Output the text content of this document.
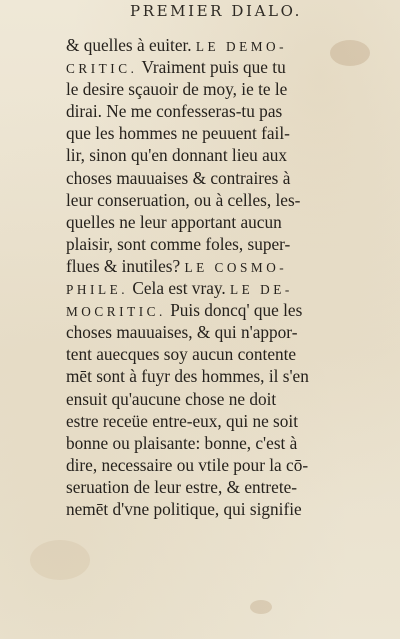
PREMIER DIALO.
& quelles à euiter. LE DEMO-
CRITIC. Vraiment puis que tu
le desire sçauoir de moy, ie te le
dirai. Ne me confesseras-tu pas
que les hommes ne peuuent fail-
lir, sinon qu'en donnant lieu aux
choses mauuaises & contraires à
leur conseruation, ou à celles, les-
quelles ne leur apportant aucun
plaisir, sont comme foles, super-
flues & inutiles? LE COSMO-
PHILE. Cela est vray. LE DE-
MOCRITIC. Puis doncq' que les
choses mauuaises, & qui n'appor-
tent auecques soy aucun contente
mēt sont à fuyr des hommes, il s'en
ensuit qu'aucune chose ne doit
estre receüe entre-eux, qui ne soit
bonne ou plaisante: bonne, c'est à
dire, necessaire ou vtile pour la cō-
seruation de leur estre, & entrete-
nemēt d'vne politique, qui signifie
